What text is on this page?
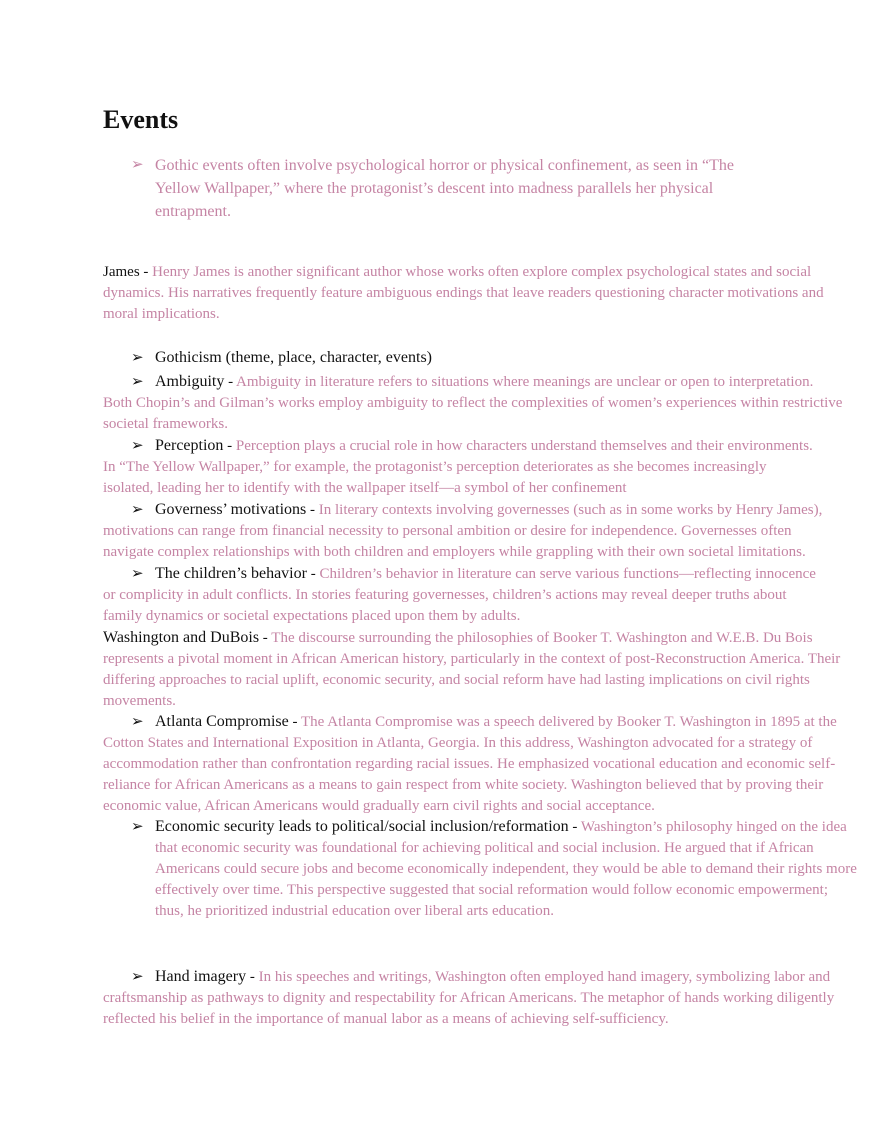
Events
➢ Gothic events often involve psychological horror or physical confinement, as seen in “The Yellow Wallpaper,” where the protagonist’s descent into madness parallels her physical entrapment.

James - Henry James is another significant author whose works often explore complex psychological states and social dynamics. His narratives frequently feature ambiguous endings that leave readers questioning character motivations and moral implications.

➢ Gothicism (theme, place, character, events)

➢ Ambiguity - Ambiguity in literature refers to situations where meanings are unclear or open to interpretation. Both Chopin’s and Gilman’s works employ ambiguity to reflect the complexities of women’s experiences within restrictive societal frameworks.

➢ Perception - Perception plays a crucial role in how characters understand themselves and their environments. In “The Yellow Wallpaper,” for example, the protagonist’s perception deteriorates as she becomes increasingly isolated, leading her to identify with the wallpaper itself—a symbol of her confinement

➢ Governess’ motivations - In literary contexts involving governesses (such as in some works by Henry James), motivations can range from financial necessity to personal ambition or desire for independence. Governesses often navigate complex relationships with both children and employers while grappling with their own societal limitations.

➢ The children’s behavior - Children’s behavior in literature can serve various functions—reflecting innocence or complicity in adult conflicts. In stories featuring governesses, children’s actions may reveal deeper truths about family dynamics or societal expectations placed upon them by adults.

Washington and DuBois - The discourse surrounding the philosophies of Booker T. Washington and W.E.B. Du Bois represents a pivotal moment in African American history, particularly in the context of post-Reconstruction America. Their differing approaches to racial uplift, economic security, and social reform have had lasting implications on civil rights movements.

➢ Atlanta Compromise - The Atlanta Compromise was a speech delivered by Booker T. Washington in 1895 at the Cotton States and International Exposition in Atlanta, Georgia. In this address, Washington advocated for a strategy of accommodation rather than confrontation regarding racial issues. He emphasized vocational education and economic self-reliance for African Americans as a means to gain respect from white society. Washington believed that by proving their economic value, African Americans would gradually earn civil rights and social acceptance.

➢ Economic security leads to political/social inclusion/reformation - Washington’s philosophy hinged on the idea that economic security was foundational for achieving political and social inclusion. He argued that if African Americans could secure jobs and become economically independent, they would be able to demand their rights more effectively over time. This perspective suggested that social reformation would follow economic empowerment; thus, he prioritized industrial education over liberal arts education.

➢ Hand imagery - In his speeches and writings, Washington often employed hand imagery, symbolizing labor and craftsmanship as pathways to dignity and respectability for African Americans. The metaphor of hands working diligently reflected his belief in the importance of manual labor as a means of achieving self-sufficiency.
